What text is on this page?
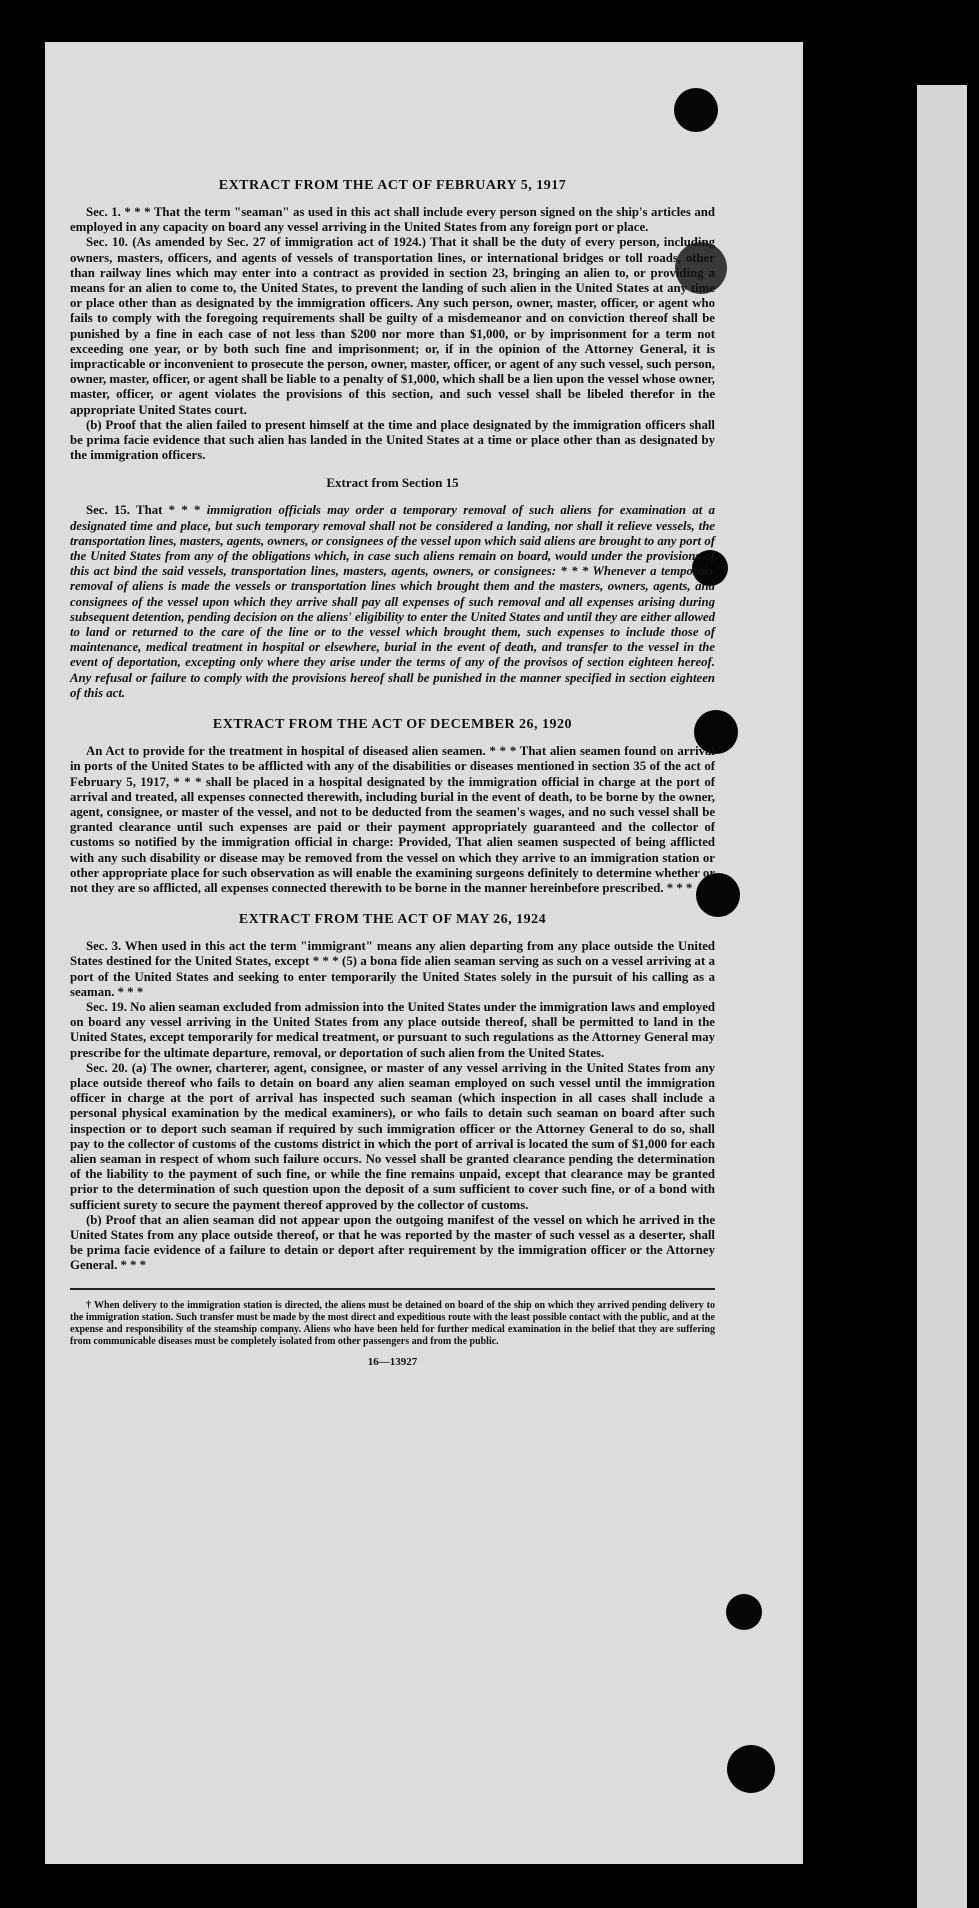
EXTRACT FROM THE ACT OF FEBRUARY 5, 1917

Sec. 1. * * * That the term "seaman" as used in this act shall include every person signed on the ship's articles and employed in any capacity on board any vessel arriving in the United States from any foreign port or place.

Sec. 10. (As amended by Sec. 27 of immigration act of 1924.) That it shall be the duty of every person, including owners, masters, officers, and agents of vessels of transportation lines, or international bridges or toll roads, other than railway lines which may enter into a contract as provided in section 23, bringing an alien to, or providing a means for an alien to come to, the United States, to prevent the landing of such alien in the United States at any time or place other than as designated by the immigration officers. Any such person, owner, master, officer, or agent who fails to comply with the foregoing requirements shall be guilty of a misdemeanor and on conviction thereof shall be punished by a fine in each case of not less than $200 nor more than $1,000, or by imprisonment for a term not exceeding one year, or by both such fine and imprisonment; or, if in the opinion of the Attorney General, it is impracticable or inconvenient to prosecute the person, owner, master, officer, or agent of any such vessel, such person, owner, master, officer, or agent shall be liable to a penalty of $1,000, which shall be a lien upon the vessel whose owner, master, officer, or agent violates the provisions of this section, and such vessel shall be libeled therefor in the appropriate United States court.

(b) Proof that the alien failed to present himself at the time and place designated by the immigration officers shall be prima facie evidence that such alien has landed in the United States at a time or place other than as designated by the immigration officers.

Extract from Section 15

Sec. 15. That * * * immigration officials may order a temporary removal of such aliens for examination at a designated time and place, but such temporary removal shall not be considered a landing, nor shall it relieve vessels, the transportation lines, masters, agents, owners, or consignees of the vessel upon which said aliens are brought to any port of the United States from any of the obligations which, in case such aliens remain on board, would under the provisions of this act bind the said vessels, transportation lines, masters, agents, owners, or consignees: * * * Whenever a temporary removal of aliens is made the vessels or transportation lines which brought them and the masters, owners, agents, and consignees of the vessel upon which they arrive shall pay all expenses of such removal and all expenses arising during subsequent detention, pending decision on the aliens' eligibility to enter the United States and until they are either allowed to land or returned to the care of the line or to the vessel which brought them, such expenses to include those of maintenance, medical treatment in hospital or elsewhere, burial in the event of death, and transfer to the vessel in the event of deportation, excepting only where they arise under the terms of any of the provisos of section eighteen hereof. Any refusal or failure to comply with the provisions hereof shall be punished in the manner specified in section eighteen of this act.

EXTRACT FROM THE ACT OF DECEMBER 26, 1920

An Act to provide for the treatment in hospital of diseased alien seamen. * * * That alien seamen found on arrival in ports of the United States to be afflicted with any of the disabilities or diseases mentioned in section 35 of the act of February 5, 1917, * * * shall be placed in a hospital designated by the immigration official in charge at the port of arrival and treated, all expenses connected therewith, including burial in the event of death, to be borne by the owner, agent, consignee, or master of the vessel, and not to be deducted from the seamen's wages, and no such vessel shall be granted clearance until such expenses are paid or their payment appropriately guaranteed and the collector of customs so notified by the immigration official in charge: Provided, That alien seamen suspected of being afflicted with any such disability or disease may be removed from the vessel on which they arrive to an immigration station or other appropriate place for such observation as will enable the examining surgeons definitely to determine whether or not they are so afflicted, all expenses connected therewith to be borne in the manner hereinbefore prescribed. * * *

EXTRACT FROM THE ACT OF MAY 26, 1924

Sec. 3. When used in this act the term "immigrant" means any alien departing from any place outside the United States destined for the United States, except * * * (5) a bona fide alien seaman serving as such on a vessel arriving at a port of the United States and seeking to enter temporarily the United States solely in the pursuit of his calling as a seaman. * * *

Sec. 19. No alien seaman excluded from admission into the United States under the immigration laws and employed on board any vessel arriving in the United States from any place outside thereof, shall be permitted to land in the United States, except temporarily for medical treatment, or pursuant to such regulations as the Attorney General may prescribe for the ultimate departure, removal, or deportation of such alien from the United States.

Sec. 20. (a) The owner, charterer, agent, consignee, or master of any vessel arriving in the United States from any place outside thereof who fails to detain on board any alien seaman employed on such vessel until the immigration officer in charge at the port of arrival has inspected such seaman (which inspection in all cases shall include a personal physical examination by the medical examiners), or who fails to detain such seaman on board after such inspection or to deport such seaman if required by such immigration officer or the Attorney General to do so, shall pay to the collector of customs of the customs district in which the port of arrival is located the sum of $1,000 for each alien seaman in respect of whom such failure occurs. No vessel shall be granted clearance pending the determination of the liability to the payment of such fine, or while the fine remains unpaid, except that clearance may be granted prior to the determination of such question upon the deposit of a sum sufficient to cover such fine, or of a bond with sufficient surety to secure the payment thereof approved by the collector of customs.

(b) Proof that an alien seaman did not appear upon the outgoing manifest of the vessel on which he arrived in the United States from any place outside thereof, or that he was reported by the master of such vessel as a deserter, shall be prima facie evidence of a failure to detain or deport after requirement by the immigration officer or the Attorney General. * * *

† When delivery to the immigration station is directed, the aliens must be detained on board of the ship on which they arrived pending delivery to the immigration station. Such transfer must be made by the most direct and expeditious route with the least possible contact with the public, and at the expense and responsibility of the steamship company. Aliens who have been held for further medical examination in the belief that they are suffering from communicable diseases must be completely isolated from other passengers and from the public.

16—13927
